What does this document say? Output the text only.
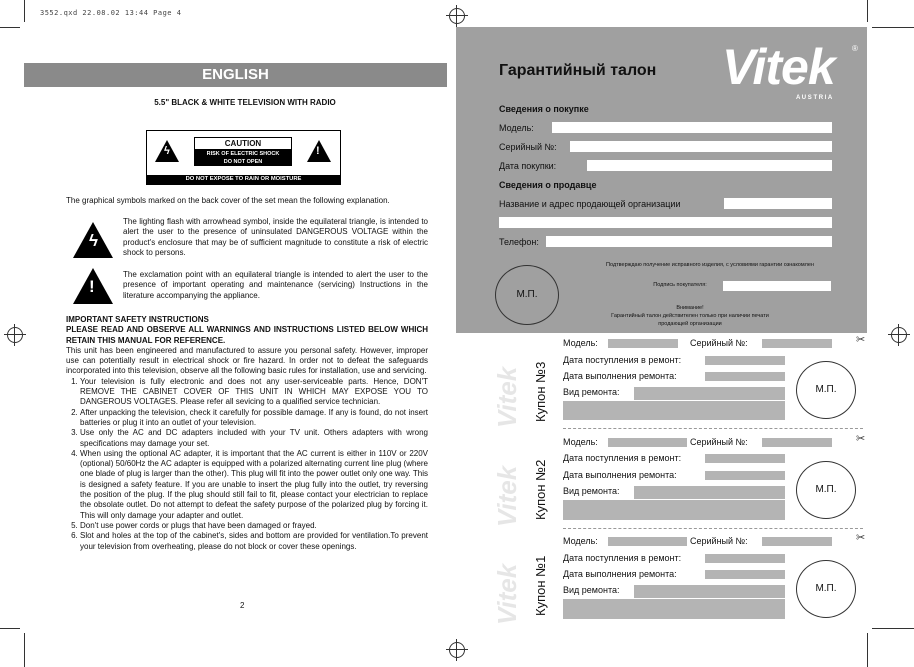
3552.qxd 22.08.02 13:44 Page 4
ENGLISH
5.5" BLACK & WHITE TELEVISION WITH RADIO
ϟ
CAUTION
RISK OF ELECTRIC SHOCK
DO NOT OPEN
!
DO NOT EXPOSE TO RAIN OR MOISTURE
The graphical symbols marked on the back cover of the set mean the following explanation.
ϟ
The lighting flash with arrowhead symbol, inside the equilateral triangle, is intended to alert the user to the presence of uninsulated DANGEROUS VOLTAGE within the product's enclosure that may be of sufficient magnitude to constitute a risk of electric shock to persons.
!
The exclamation point with an equilateral triangle is intended to alert the user to the presence of important operating and maintenance (servicing) Instructions in the literature accompanying the appliance.
IMPORTANT SAFETY INSTRUCTIONS
PLEASE READ AND OBSERVE ALL WARNINGS AND INSTRUCTIONS LISTED BELOW WHICH RETAIN THIS MANUAL FOR REFERENCE.
This unit has been engineered and manufactured to assure you personal safety. However, improper use can potentially result in electrical shock or fire hazard. In order not to defeat the safeguards incorporated into this television, observe all the following basic rules for installation, use and servicing.
1. Your television is fully electronic and does not any user-serviceable parts. Hence, DON'T REMOVE THE CABINET COVER OF THIS UNIT IN WHICH MAY EXPOSE YOU TO DANGEROUS VOLTAGES. Please refer all sevicing to a qualified service technician.
2. After unpacking the television, check it carefully for possible damage. If any is found, do not insert batteries or plug it into an outlet of your television.
3. Use only the AC and DC adapters included with your TV unit. Others adapters with wrong specifications may damage your set.
4. When using the optional AC adapter, it is important that the AC current is either in 110V or 220V (optional) 50/60Hz the AC adapter is equipped with a polarized alternating current line plug (where one blade of plug is larger than the other). This plug will fit into the power outlet only one way. This is designed a safety feature. If you are unable to insert the plug fully into the outlet, try reversing the position of the plug. If the plug should still fail to fit, please contact your electrician to replace the obsolate outlet. Do not attempt to defeat the safety purpose of the polarized plug by forcing it. This will only damage your adapter and outlet.
5. Don't use power cords or plugs that have been damaged or frayed.
6. Slot and holes at the top of the cabinet's, sides and bottom are provided for ventilation.To prevent your television from overheating, please do not block or cover these openings.
2
Гарантийный талон Vitek ®
A U S T R I A
Сведения о покупке
Модель:
Серийный №:
Дата покупки:
Сведения о продавце
Название и адрес продающей организации
Телефон:
Подтверждаю получение исправного изделия, с условиями гарантии ознакомлен
Подпись покупателя:
М.П.
Внимание!
Гарантийный талон действителен только при наличии печати
продающей организации
Vitek Купон №3
Модель:	Серийный №:	✂
Дата поступления в ремонт:
Дата выполнения ремонта:
Вид ремонта:	М.П.
Vitek Купон №2
Модель:	Серийный №:	✂
Дата поступления в ремонт:
Дата выполнения ремонта:
Вид ремонта:	М.П.
Vitek Купон №1
Модель:	Серийный №:	✂
Дата поступления в ремонт:
Дата выполнения ремонта:
Вид ремонта:	М.П.
